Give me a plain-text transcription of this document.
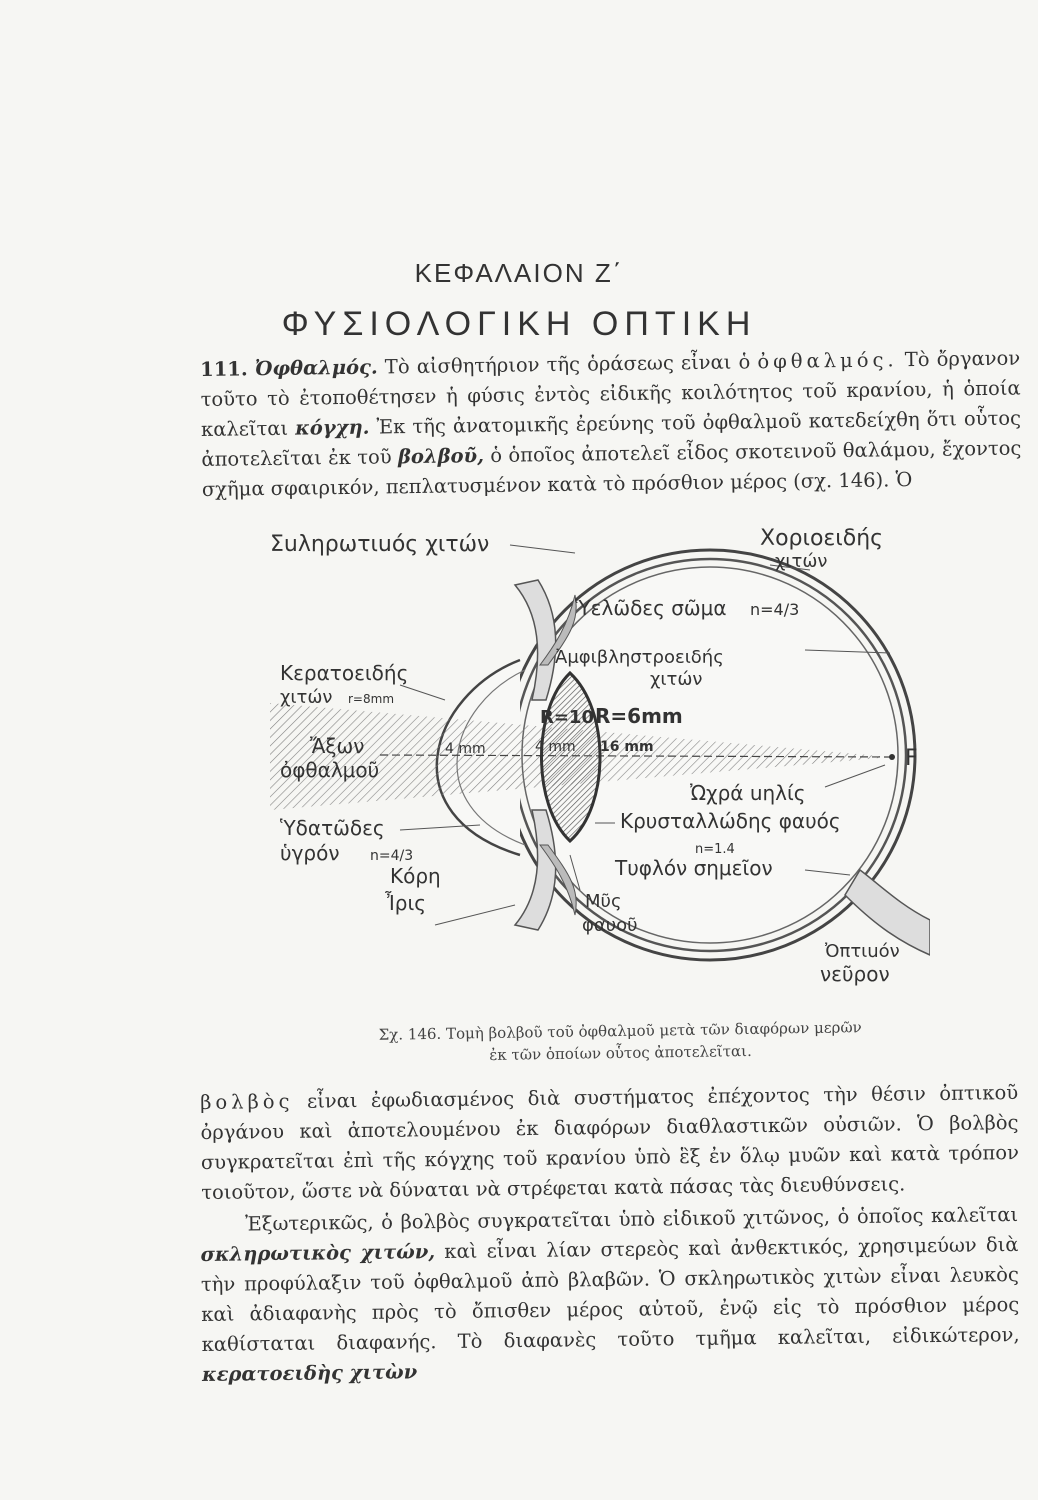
ΚΕΦΑΛΑΙΟΝ Ζ΄
ΦΥΣΙΟΛΟΓΙΚΗ ΟΠΤΙΚΗ
111. Ὀφθαλμός. Τὸ αἰσθητήριον τῆς ὁράσεως εἶναι ὁ ὀφθαλμός. Τὸ ὄργανον τοῦτο τὸ ἐτοποθέτησεν ἡ φύσις ἐντὸς εἰδικῆς κοιλότητος τοῦ κρανίου, ἡ ὁποία καλεῖται κόγχη. Ἐκ τῆς ἀνατομικῆς ἐρεύνης τοῦ ὀφθαλμοῦ κατεδείχθη ὅτι οὗτος ἀποτελεῖται ἐκ τοῦ βολβοῦ, ὁ ὁποῖος ἀποτελεῖ εἶδος σκοτεινοῦ θαλάμου, ἔχοντος σχῆμα σφαιρικόν, πεπλατυσμένον κατὰ τὸ πρόσθιον μέρος (σχ. 146). Ὁ
Σuληρωτιuός χιτών	Χοριοειδής
χιτών
Ὑελῶδες σῶμα n=4/3
Ἀμφιβληστροειδής
χιτών
Κερατοειδής
χιτών r=8mm
R=10 R=6mm
Ἄξων
ὀφθαλμοῦ
4 mm	4 mm 16 mm	F
Ὠχρά uηλίς
Κρυσταλλώδης φαυός
n=1.4
Ὑδατῶδες
ὑγρόν n=4/3
Κόρη
Ἶρις
Τυφλόν σημεῖον
Μῦς
φαυοῦ
Ὀπτιuόν
νεῦρον
Σχ. 146. Τομὴ βολβοῦ τοῦ ὀφθαλμοῦ μετὰ τῶν διαφόρων μερῶν
ἐκ τῶν ὁποίων οὗτος ἀποτελεῖται.
βολβὸς εἶναι ἐφωδιασμένος διὰ συστήματος ἐπέχοντος τὴν θέσιν ὀπτικοῦ ὀργάνου καὶ ἀποτελουμένου ἐκ διαφόρων διαθλαστικῶν οὐσιῶν. Ὁ βολβὸς συγκρατεῖται ἐπὶ τῆς κόγχης τοῦ κρανίου ὑπὸ ἓξ ἐν ὅλῳ μυῶν καὶ κατὰ τρόπον τοιοῦτον, ὥστε νὰ δύναται νὰ στρέφεται κατὰ πάσας τὰς διευθύνσεις.
Ἐξωτερικῶς, ὁ βολβὸς συγκρατεῖται ὑπὸ εἰδικοῦ χιτῶνος, ὁ ὁποῖος καλεῖται σκληρωτικὸς χιτών, καὶ εἶναι λίαν στερεὸς καὶ ἀνθεκτικός, χρησιμεύων διὰ τὴν προφύλαξιν τοῦ ὀφθαλμοῦ ἀπὸ βλαβῶν. Ὁ σκληρωτικὸς χιτὼν εἶναι λευκὸς καὶ ἀδιαφανὴς πρὸς τὸ ὄπισθεν μέρος αὐτοῦ, ἐνῷ εἰς τὸ πρόσθιον μέρος καθίσταται διαφανής. Τὸ διαφανὲς τοῦτο τμῆμα καλεῖται, εἰδικώτερον, κερατοειδὴς χιτὼν
